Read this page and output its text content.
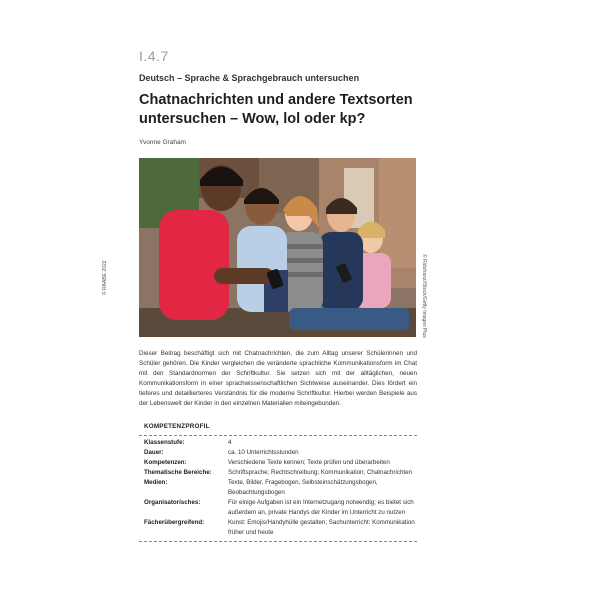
I.4.7
Deutsch – Sprache & Sprachgebrauch untersuchen
Chatnachrichten und andere Textsorten
untersuchen – Wow, lol oder kp?
Yvonne Graham
© RAABE 2022	© Ridofranz/iStock/Getty Images Plus
Dieser Beitrag beschäftigt sich mit Chatnachrichten, die zum Alltag unserer Schülerinnen und Schüler gehören. Die Kinder vergleichen die veränderte sprachliche Kommunikationsform im Chat mit den Standardnormen der Schriftkultur. Sie setzen sich mit der alltäglichen, neuen Kommunikationsform in einer sprachwissenschaftlichen Sichtweise auseinander. Dies fördert ein tieferes und detaillierteres Verständnis für die moderne Schriftkultur. Hierbei werden Beispiele aus der Lebenswelt der Kinder in den einzelnen Materialien miteingebunden.
KOMPETENZPROFIL
Klassenstufe:	4
Dauer:	ca. 10 Unterrichtsstunden
Kompetenzen:	Verschiedene Texte kennen; Texte prüfen und überarbeiten
Thematische Bereiche:	Schriftsprache; Rechtschreibung; Kommunikation; Chatnachrichten
Medien:	Texte, Bilder, Fragebogen, Selbsteinschätzungsbogen, Beobachtungsbogen
Organisatorisches:	Für einige Aufgaben ist ein Internetzugang notwendig; es bietet sich außerdem an, private Handys der Kinder im Unterricht zu nutzen
Fächerübergreifend:	Kunst: Emojis/Handyhülle gestalten; Sachunterricht: Kommunikation früher und heute
